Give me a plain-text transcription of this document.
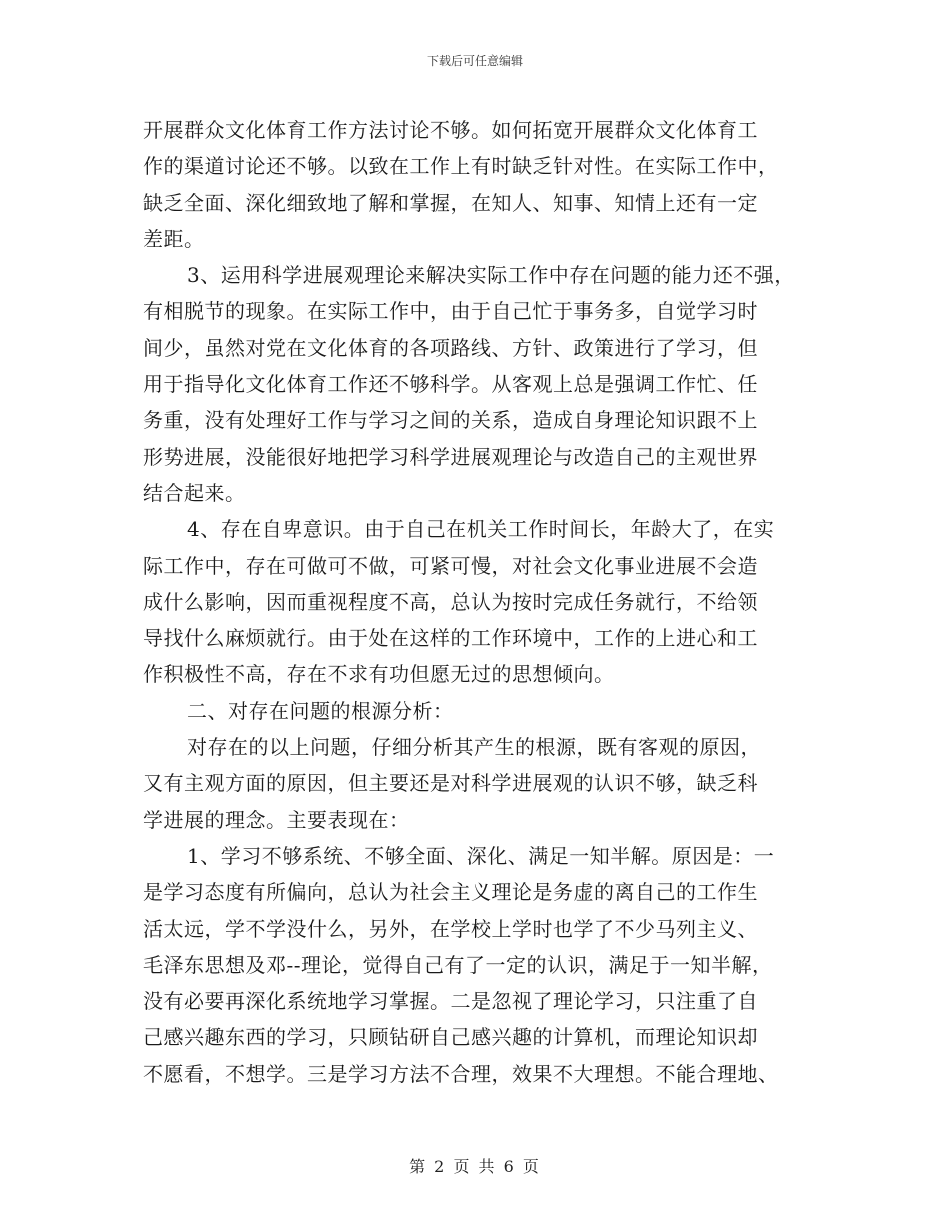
下载后可任意编辑

开展群众文化体育工作方法讨论不够。如何拓宽开展群众文化体育工
作的渠道讨论还不够。以致在工作上有时缺乏针对性。在实际工作中，
缺乏全面、深化细致地了解和掌握，在知人、知事、知情上还有一定
差距。

3、运用科学进展观理论来解决实际工作中存在问题的能力还不强，
有相脱节的现象。在实际工作中，由于自己忙于事务多，自觉学习时
间少，虽然对党在文化体育的各项路线、方针、政策进行了学习，但
用于指导化文化体育工作还不够科学。从客观上总是强调工作忙、任
务重，没有处理好工作与学习之间的关系，造成自身理论知识跟不上
形势进展，没能很好地把学习科学进展观理论与改造自己的主观世界
结合起来。

4、存在自卑意识。由于自己在机关工作时间长，年龄大了，在实
际工作中，存在可做可不做，可紧可慢，对社会文化事业进展不会造
成什么影响，因而重视程度不高，总认为按时完成任务就行，不给领
导找什么麻烦就行。由于处在这样的工作环境中，工作的上进心和工
作积极性不高，存在不求有功但愿无过的思想倾向。

二、对存在问题的根源分析：

对存在的以上问题，仔细分析其产生的根源，既有客观的原因，
又有主观方面的原因，但主要还是对科学进展观的认识不够，缺乏科
学进展的理念。主要表现在：

1、学习不够系统、不够全面、深化、满足一知半解。原因是：一
是学习态度有所偏向，总认为社会主义理论是务虚的离自己的工作生
活太远，学不学没什么，另外，在学校上学时也学了不少马列主义、
毛泽东思想及邓--理论，觉得自己有了一定的认识，满足于一知半解，
没有必要再深化系统地学习掌握。二是忽视了理论学习，只注重了自
己感兴趣东西的学习，只顾钻研自己感兴趣的计算机，而理论知识却
不愿看，不想学。三是学习方法不合理，效果不大理想。不能合理地、

第 2 页 共 6 页
